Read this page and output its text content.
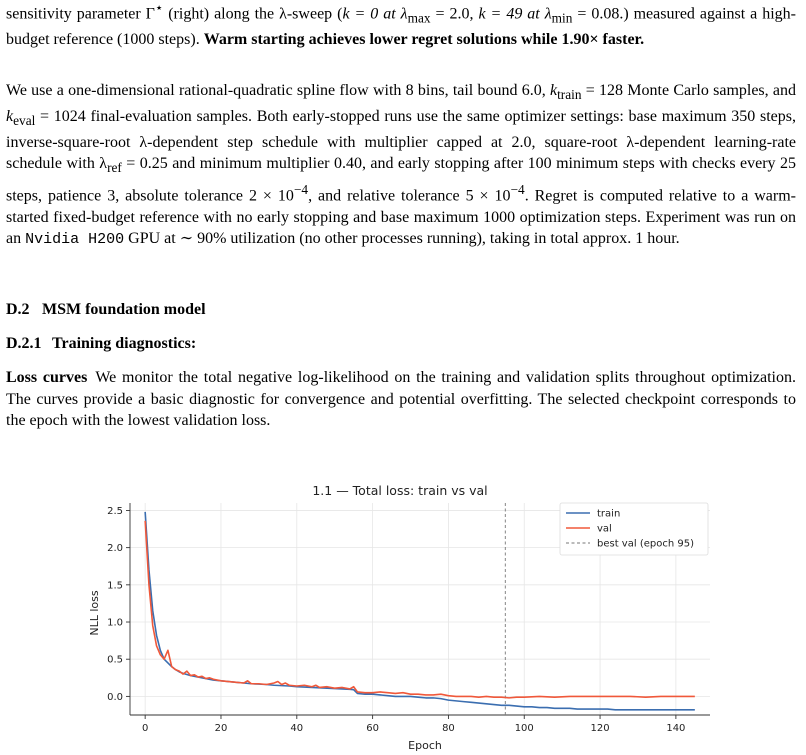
sensitivity parameter Γ⋆ (right) along the λ-sweep (k = 0 at $\lambda_{max} = 2.0$, k = 49 at $\lambda_{min} = 0.08$.) measured against a high-budget reference (1000 steps). Warm starting achieves lower regret solutions while 1.90× faster.

We use a one-dimensional rational-quadratic spline flow with 8 bins, tail bound 6.0, $k_{train} = 128$ Monte Carlo samples, and $k_{eval} = 1024$ final-evaluation samples. Both early-stopped runs use the same optimizer settings: base maximum 350 steps, inverse-square-root λ-dependent step schedule with multiplier capped at 2.0, square-root λ-dependent learning-rate schedule with $\lambda_{ref} = 0.25$ and minimum multiplier 0.40, and early stopping after 100 minimum steps with checks every 25 steps, patience 3, absolute tolerance $2 \times 10^{-4}$, and relative tolerance $5 \times 10^{-4}$. Regret is computed relative to a warm-started fixed-budget reference with no early stopping and base maximum 1000 optimization steps. Experiment was run on an Nvidia H200 GPU at ∼ 90% utilization (no other processes running), taking in total approx. 1 hour.

D.2 MSM foundation model
D.2.1 Training diagnostics:

Loss curves We monitor the total negative log-likelihood on the training and validation splits throughout optimization. The curves provide a basic diagnostic for convergence and potential overfitting. The selected checkpoint corresponds to the epoch with the lowest validation loss.

1.1 — Total loss: train vs val
0	20	40	60	80	100	120	140
0.0
0.5
1.0
1.5
2.0
2.5	train
val
best val (epoch 95)
Epoch
NLL loss
